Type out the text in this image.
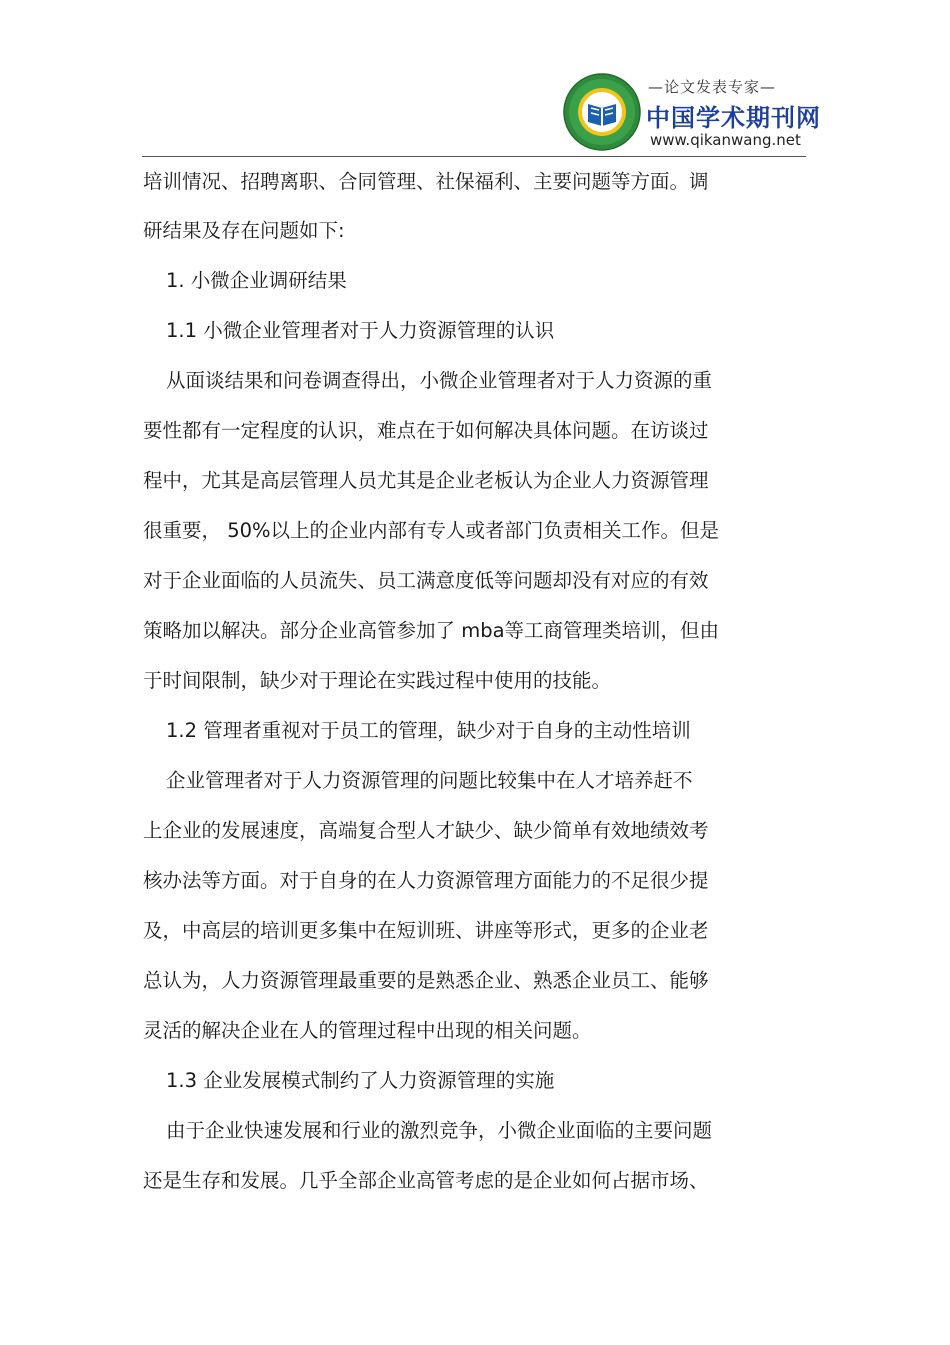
—论文发表专家—
中国学术期刊网
www.qikanwang.net
培训情况、招聘离职、合同管理、社保福利、主要问题等方面。调
研结果及存在问题如下:
1. 小微企业调研结果
1.1 小微企业管理者对于人力资源管理的认识
从面谈结果和问卷调查得出，小微企业管理者对于人力资源的重
要性都有一定程度的认识，难点在于如何解决具体问题。在访谈过
程中，尤其是高层管理人员尤其是企业老板认为企业人力资源管理
很重要， 50%以上的企业内部有专人或者部门负责相关工作。但是
对于企业面临的人员流失、员工满意度低等问题却没有对应的有效
策略加以解决。部分企业高管参加了 mba等工商管理类培训，但由
于时间限制，缺少对于理论在实践过程中使用的技能。
1.2 管理者重视对于员工的管理，缺少对于自身的主动性培训
企业管理者对于人力资源管理的问题比较集中在人才培养赶不
上企业的发展速度，高端复合型人才缺少、缺少简单有效地绩效考
核办法等方面。对于自身的在人力资源管理方面能力的不足很少提
及，中高层的培训更多集中在短训班、讲座等形式，更多的企业老
总认为，人力资源管理最重要的是熟悉企业、熟悉企业员工、能够
灵活的解决企业在人的管理过程中出现的相关问题。
1.3 企业发展模式制约了人力资源管理的实施
由于企业快速发展和行业的激烈竞争，小微企业面临的主要问题
还是生存和发展。几乎全部企业高管考虑的是企业如何占据市场、
